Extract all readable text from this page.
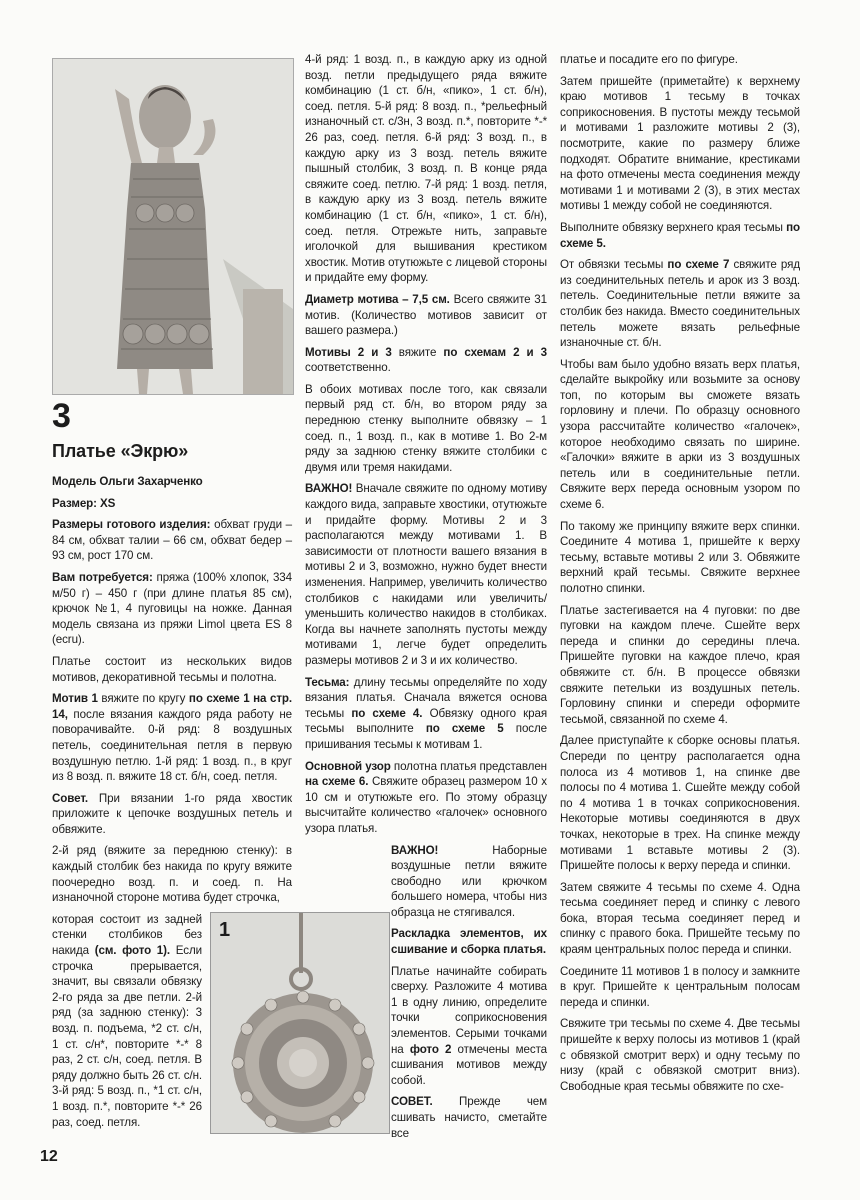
3
Платье «Экрю»

Модель Ольги Захарченко

Размер: XS

Размеры готового изделия: обхват груди – 84 см, обхват талии – 66 см, обхват бедер – 93 см, рост 170 см.

Вам потребуется: пряжа (100% хлопок, 334 м/50 г) – 450 г (при длине платья 85 см), крючок №1, 4 пуговицы на ножке. Данная модель связана из пряжи Limol цвета ES 8 (ecru).

Платье состоит из нескольких видов мотивов, декоративной тесьмы и полотна.

Мотив 1 вяжите по кругу по схеме 1 на стр. 14, после вязания каждого ряда работу не поворачивайте. 0-й ряд: 8 воздушных петель, соединительная петля в первую воздушную петлю. 1-й ряд: 1 возд. п., в круг из 8 возд. п. вяжите 18 ст. б/н, соед. петля.

Совет. При вязании 1-го ряда хвостик приложите к цепочке воздушных петель и обвяжите.

2-й ряд (вяжите за переднюю стенку): в каждый столбик без накида по кругу вяжите поочередно возд. п. и соед. п. На изнаночной стороне мотива будет строчка,

которая состоит из задней стенки столбиков без накида (см. фото 1). Если строчка прерывается, значит, вы связали обвязку 2-го ряда за две петли. 2-й ряд (за заднюю стенку): 3 возд. п. подъема, *2 ст. с/н, 1 ст. с/н*, повторите *-* 8 раз, 2 ст. с/н, соед. петля. В ряду должно быть 26 ст. с/н. 3-й ряд: 5 возд. п., *1 ст. с/н, 1 возд. п.*, повторите *-* 26 раз, соед. петля.
1

4-й ряд: 1 возд. п., в каждую арку из одной возд. петли предыдущего ряда вяжите комбинацию (1 ст. б/н, «пико», 1 ст. б/н), соед. петля. 5-й ряд: 8 возд. п., *рельефный изнаночный ст. с/3н, 3 возд. п.*, повторите *-* 26 раз, соед. петля. 6-й ряд: 3 возд. п., в каждую арку из 3 возд. петель вяжите пышный столбик, 3 возд. п. В конце ряда свяжите соед. петлю. 7-й ряд: 1 возд. петля, в каждую арку из 3 возд. петель вяжите комбинацию (1 ст. б/н, «пико», 1 ст. б/н), соед. петля. Отрежьте нить, заправьте иголочкой для вышивания крестиком хвостик. Мотив отутюжьте с лицевой стороны и придайте ему форму.

Диаметр мотива – 7,5 см. Всего свяжите 31 мотив. (Количество мотивов зависит от вашего размера.)

Мотивы 2 и 3 вяжите по схемам 2 и 3 соответственно.

В обоих мотивах после того, как связали первый ряд ст. б/н, во втором ряду за переднюю стенку выполните обвязку – 1 соед. п., 1 возд. п., как в мотиве 1. Во 2-м ряду за заднюю стенку вяжите столбики с двумя или тремя накидами.

ВАЖНО! Вначале свяжите по одному мотиву каждого вида, заправьте хвостики, отутюжьте и придайте форму. Мотивы 2 и 3 располагаются между мотивами 1. В зависимости от плотности вашего вязания в мотивы 2 и 3, возможно, нужно будет внести изменения. Например, увеличить количество столбиков с накидами или увеличить/уменьшить количество накидов в столбиках. Когда вы начнете заполнять пустоты между мотивами 1, легче будет определить размеры мотивов 2 и 3 и их количество.

Тесьма: длину тесьмы определяйте по ходу вязания платья. Сначала вяжется основа тесьмы по схеме 4. Обвязку одного края тесьмы выполните по схеме 5 после пришивания тесьмы к мотивам 1.

Основной узор полотна платья представлен на схеме 6. Свяжите образец размером 10 х 10 см и отутюжьте его. По этому образцу высчитайте количество «галочек» основного узора платья.

ВАЖНО! Наборные воздушные петли вяжите свободно или крючком большего номера, чтобы низ образца не стягивался.

Раскладка элементов, их сшивание и сборка платья.

Платье начинайте собирать сверху. Разложите 4 мотива 1 в одну линию, определите точки соприкосновения элементов. Серыми точками на фото 2 отмечены места сшивания мотивов между собой.

СОВЕТ. Прежде чем сшивать начисто, сметайте все

платье и посадите его по фигуре.

Затем пришейте (приметайте) к верхнему краю мотивов 1 тесьму в точках соприкосновения. В пустоты между тесьмой и мотивами 1 разложите мотивы 2 (3), посмотрите, какие по размеру ближе подходят. Обратите внимание, крестиками на фото отмечены места соединения между мотивами 1 и мотивами 2 (3), в этих местах мотивы 1 между собой не соединяются.

Выполните обвязку верхнего края тесьмы по схеме 5.

От обвязки тесьмы по схеме 7 свяжите ряд из соединительных петель и арок из 3 возд. петель. Соединительные петли вяжите за столбик без накида. Вместо соединительных петель можете вязать рельефные изнаночные ст. б/н.

Чтобы вам было удобно вязать верх платья, сделайте выкройку или возьмите за основу топ, по которым вы сможете вязать горловину и плечи. По образцу основного узора рассчитайте количество «галочек», которое необходимо связать по ширине. «Галочки» вяжите в арки из 3 воздушных петель или в соединительные петли. Свяжите верх переда основным узором по схеме 6.

По такому же принципу вяжите верх спинки. Соедините 4 мотива 1, пришейте к верху тесьму, вставьте мотивы 2 или 3. Обвяжите верхний край тесьмы. Свяжите верхнее полотно спинки.

Платье застегивается на 4 пуговки: по две пуговки на каждом плече. Сшейте верх переда и спинки до середины плеча. Пришейте пуговки на каждое плечо, края обвяжите ст. б/н. В процессе обвязки свяжите петельки из воздушных петель. Горловину спинки и спереди оформите тесьмой, связанной по схеме 4.

Далее приступайте к сборке основы платья. Спереди по центру располагается одна полоса из 4 мотивов 1, на спинке две полосы по 4 мотива 1. Сшейте между собой по 4 мотива 1 в точках соприкосновения. Некоторые мотивы соединяются в двух точках, некоторые в трех. На спинке между мотивами 1 вставьте мотивы 2 (3). Пришейте полосы к верху переда и спинки.

Затем свяжите 4 тесьмы по схеме 4. Одна тесьма соединяет перед и спинку с левого бока, вторая тесьма соединяет перед и спинку с правого бока. Пришейте тесьму по краям центральных полос переда и спинки.

Соедините 11 мотивов 1 в полосу и замкните в круг. Пришейте к центральным полосам переда и спинки.

Свяжите три тесьмы по схеме 4. Две тесьмы пришейте к верху полосы из мотивов 1 (край с обвязкой смотрит верх) и одну тесьму по низу (край с обвязкой смотрит вниз). Свободные края тесьмы обвяжите по схе-

12
